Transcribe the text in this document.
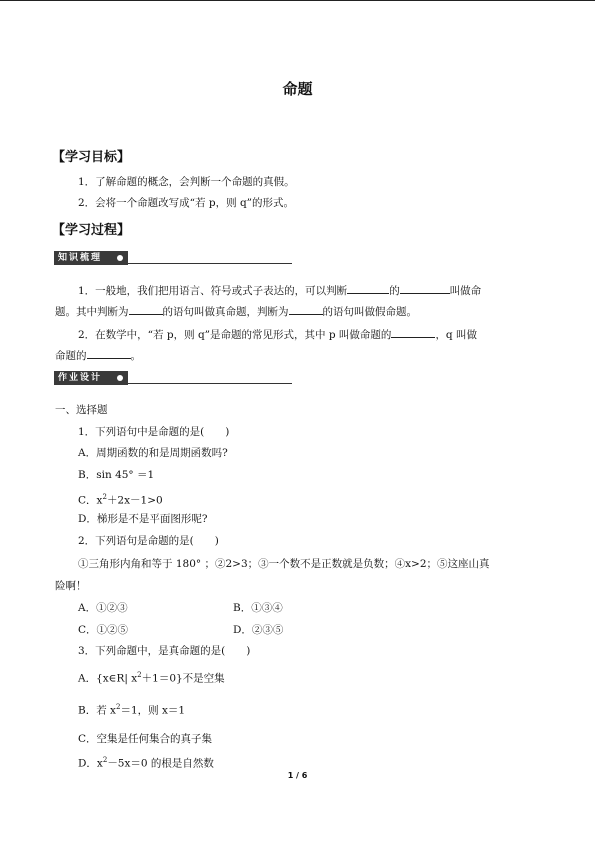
命题
【学习目标】
1．了解命题的概念，会判断一个命题的真假。
2．会将一个命题改写成“若 p，则 q”的形式。
【学习过程】
知识梳理
1．一般地，我们把用语言、符号或式子表达的，可以判断	的	叫做命
题。其中判断为	的语句叫做真命题，判断为	的语句叫做假命题。
2．在数学中，“若 p，则 q”是命题的常见形式，其中 p 叫做命题的	，q 叫做
命题的	。
作业设计
一、选择题
1．下列语句中是命题的是(　　)
A．周期函数的和是周期函数吗?
B．sin 45° ＝1
C．$x^2+2x-1>0$
D．梯形是不是平面图形呢?
2．下列语句是命题的是(　　)
①三角形内角和等于 180° ；②2>3；③一个数不是正数就是负数；④x>2；⑤这座山真
险啊！
A．①②③	B．①③④
C．①②⑤	D．②③⑤
3．下列命题中，是真命题的是(　　)
A．{x∈R| $x^2+1=0$}不是空集
B．若 $x^2=1$，则 x＝1
C．空集是任何集合的真子集
D．$x^2-5x=0$ 的根是自然数
1 / 6
